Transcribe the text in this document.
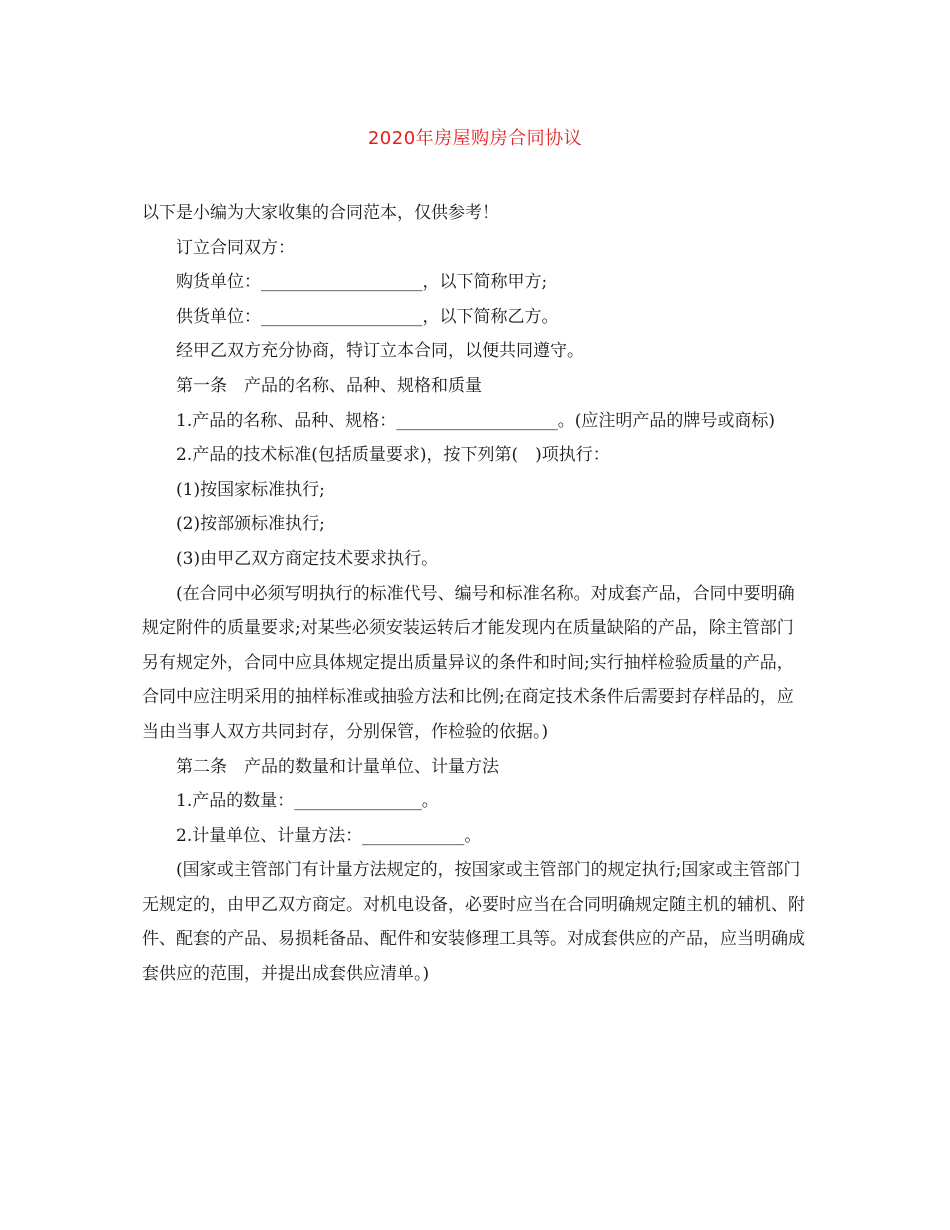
2020年房屋购房合同协议

以下是小编为大家收集的合同范本，仅供参考！

订立合同双方：

购货单位：___________________，以下简称甲方;

供货单位：___________________，以下简称乙方。

经甲乙双方充分协商，特订立本合同，以便共同遵守。

第一条　产品的名称、品种、规格和质量

1.产品的名称、品种、规格：___________________。(应注明产品的牌号或商标)

2.产品的技术标准(包括质量要求)，按下列第(　)项执行：

(1)按国家标准执行;

(2)按部颁标准执行;

(3)由甲乙双方商定技术要求执行。

(在合同中必须写明执行的标准代号、编号和标准名称。对成套产品，合同中要明确规定附件的质量要求;对某些必须安装运转后才能发现内在质量缺陷的产品，除主管部门另有规定外，合同中应具体规定提出质量异议的条件和时间;实行抽样检验质量的产品，合同中应注明采用的抽样标准或抽验方法和比例;在商定技术条件后需要封存样品的，应当由当事人双方共同封存，分别保管，作检验的依据。)

第二条　产品的数量和计量单位、计量方法

1.产品的数量：_______________。

2.计量单位、计量方法：____________。

(国家或主管部门有计量方法规定的，按国家或主管部门的规定执行;国家或主管部门无规定的，由甲乙双方商定。对机电设备，必要时应当在合同明确规定随主机的辅机、附件、配套的产品、易损耗备品、配件和安装修理工具等。对成套供应的产品，应当明确成套供应的范围，并提出成套供应清单。)
